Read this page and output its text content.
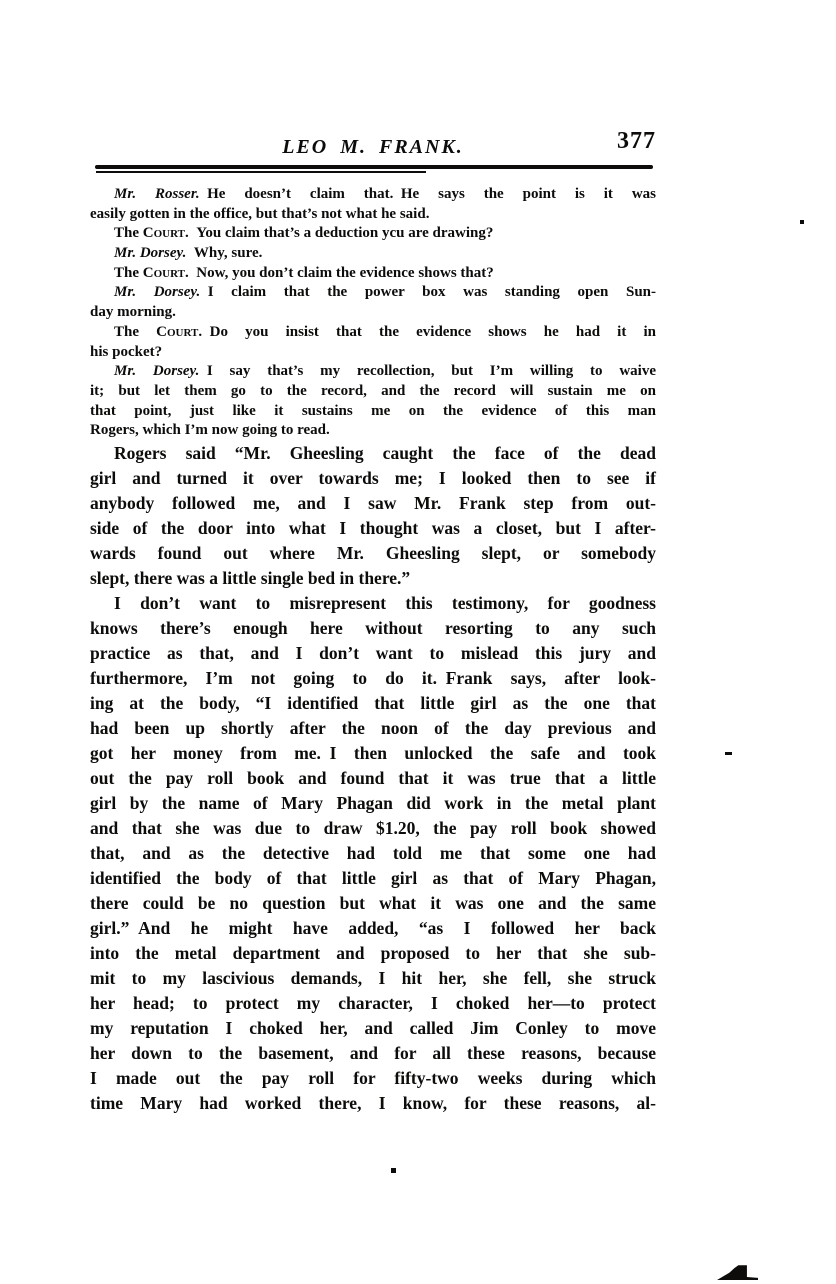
LEO M. FRANK.	377
Mr. Rosser. He doesn’t claim that. He says the point is it was
easily gotten in the office, but that’s not what he said.
The Court. You claim that’s a deduction ycu are drawing?
Mr. Dorsey. Why, sure.
The Court. Now, you don’t claim the evidence shows that?
Mr. Dorsey. I claim that the power box was standing open Sun-
day morning.
The Court. Do you insist that the evidence shows he had it in
his pocket?
Mr. Dorsey. I say that’s my recollection, but I’m willing to waive
it; but let them go to the record, and the record will sustain me on
that point, just like it sustains me on the evidence of this man
Rogers, which I’m now going to read.
Rogers said “Mr. Gheesling caught the face of the dead
girl and turned it over towards me; I looked then to see if
anybody followed me, and I saw Mr. Frank step from out-
side of the door into what I thought was a closet, but I after-
wards found out where Mr. Gheesling slept, or somebody
slept, there was a little single bed in there.”
I don’t want to misrepresent this testimony, for goodness
knows there’s enough here without resorting to any such
practice as that, and I don’t want to mislead this jury and
furthermore, I’m not going to do it. Frank says, after look-
ing at the body, “I identified that little girl as the one that
had been up shortly after the noon of the day previous and
got her money from me. I then unlocked the safe and took
out the pay roll book and found that it was true that a little
girl by the name of Mary Phagan did work in the metal plant
and that she was due to draw $1.20, the pay roll book showed
that, and as the detective had told me that some one had
identified the body of that little girl as that of Mary Phagan,
there could be no question but what it was one and the same
girl.” And he might have added, “as I followed her back
into the metal department and proposed to her that she sub-
mit to my lascivious demands, I hit her, she fell, she struck
her head; to protect my character, I choked her—to protect
my reputation I choked her, and called Jim Conley to move
her down to the basement, and for all these reasons, because
I made out the pay roll for fifty-two weeks during which
time Mary had worked there, I know, for these reasons, al-
